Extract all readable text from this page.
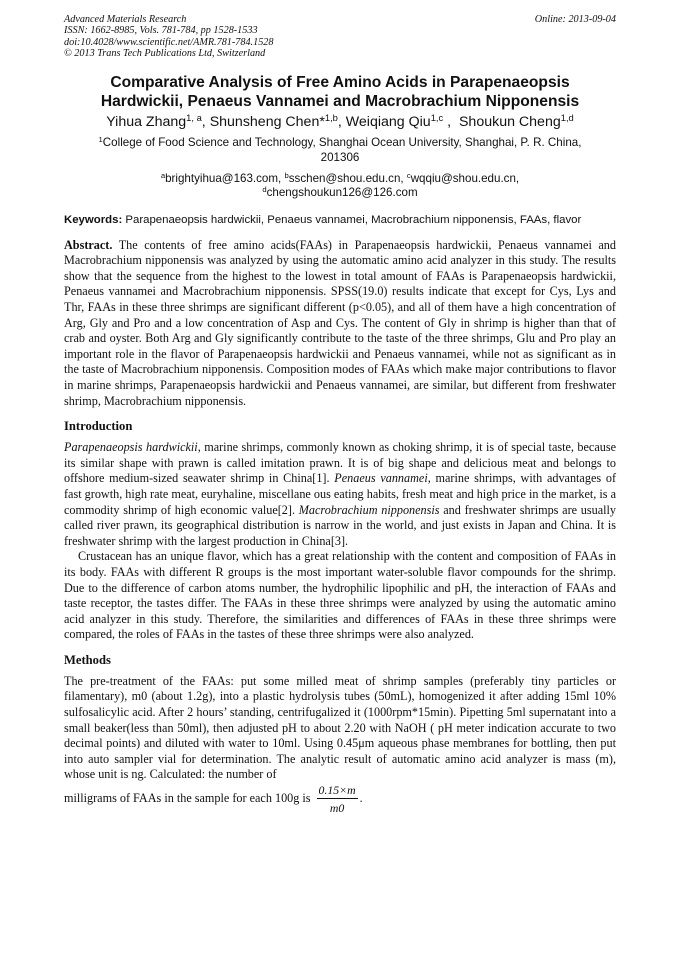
Advanced Materials Research
ISSN: 1662-8985, Vols. 781-784, pp 1528-1533
doi:10.4028/www.scientific.net/AMR.781-784.1528
© 2013 Trans Tech Publications Ltd, Switzerland
Online: 2013-09-04
Comparative Analysis of Free Amino Acids in Parapenaeopsis
Hardwickii, Penaeus Vannamei and Macrobrachium Nipponensis
Yihua Zhang$^{1, a}$, Shunsheng Chen*$^{1,b}$, Weiqiang Qiu$^{1,c}$ ,  Shoukun Cheng$^{1,d}$
$^1$College of Food Science and Technology, Shanghai Ocean University, Shanghai, P. R. China,
201306
$^a$brightyihua@163.com, $^b$sschen@shou.edu.cn, $^c$wqqiu@shou.edu.cn,
$^d$chengshoukun126@126.com
Keywords: Parapenaeopsis hardwickii, Penaeus vannamei, Macrobrachium nipponensis, FAAs, flavor

Abstract. The contents of free amino acids(FAAs) in Parapenaeopsis hardwickii, Penaeus vannamei and Macrobrachium nipponensis was analyzed by using the automatic amino acid analyzer in this study. The results show that the sequence from the highest to the lowest in total amount of FAAs is Parapenaeopsis hardwickii, Penaeus vannamei and Macrobrachium nipponensis. SPSS(19.0) results indicate that except for Cys, Lys and Thr, FAAs in these three shrimps are significant different (p<0.05), and all of them have a high concentration of Arg, Gly and Pro and a low concentration of Asp and Cys. The content of Gly in shrimp is higher than that of crab and oyster. Both Arg and Gly significantly contribute to the taste of the three shrimps, Glu and Pro play an important role in the flavor of Parapenaeopsis hardwickii and Penaeus vannamei, while not as significant as in the taste of Macrobrachium nipponensis. Composition modes of FAAs which make major contributions to flavor in marine shrimps, Parapenaeopsis hardwickii and Penaeus vannamei, are similar, but different from freshwater shrimp, Macrobrachium nipponensis.

Introduction

Parapenaeopsis hardwickii, marine shrimps, commonly known as choking shrimp, it is of special taste, because its similar shape with prawn is called imitation prawn. It is of big shape and delicious meat and belongs to offshore medium-sized seawater shrimp in China[1]. Penaeus vannamei, marine shrimps, with advantages of fast growth, high rate meat, euryhaline, miscellane ous eating habits, fresh meat and high price in the market, is a commodity shrimp of high economic value[2]. Macrobrachium nipponensis and freshwater shrimps are usually called river prawn, its geographical distribution is narrow in the world, and just exists in Japan and China. It is freshwater shrimp with the largest production in China[3].

Crustacean has an unique flavor, which has a great relationship with the content and composition of FAAs in its body. FAAs with different R groups is the most important water-soluble flavor compounds for the shrimp. Due to the difference of carbon atoms number, the hydrophilic lipophilic and pH, the interaction of FAAs and taste receptor, the tastes differ. The FAAs in these three shrimps were analyzed by using the automatic amino acid analyzer in this study. Therefore, the similarities and differences of FAAs in these three shrimps were compared, the roles of FAAs in the tastes of these three shrimps were also analyzed.

Methods

The pre-treatment of the FAAs: put some milled meat of shrimp samples (preferably tiny particles or filamentary), m0 (about 1.2g), into a plastic hydrolysis tubes (50mL), homogenized it after adding 15ml 10% sulfosalicylic acid. After 2 hours’ standing, centrifugalized it (1000rpm*15min). Pipetting 5ml supernatant into a small beaker(less than 50ml), then adjusted pH to about 2.20 with NaOH ( pH meter indication accurate to two decimal points) and diluted with water to 10ml. Using 0.45μm aqueous phase membranes for bottling, then put into auto sampler vial for determination. The analytic result of automatic amino acid analyzer is mass (m), whose unit is ng. Calculated: the number of

milligrams of FAAs in the sample for each 100g is $\frac{0.15\times m}{m0}$ .
